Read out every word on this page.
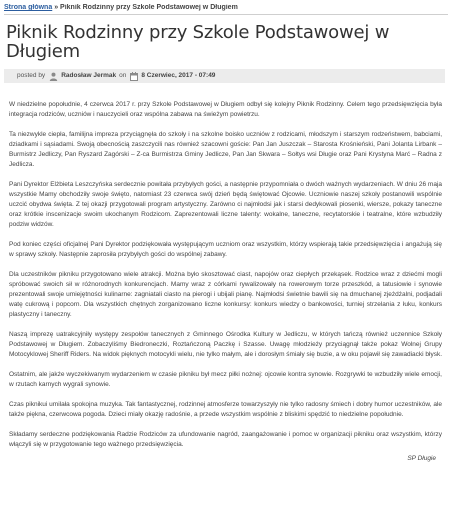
Strona główna » Piknik Rodzinny przy Szkole Podstawowej w Długiem
Piknik Rodzinny przy Szkole Podstawowej w Długiem
posted by Radosław Jermak on 8 Czerwiec, 2017 - 07:49

W niedzielne popołudnie, 4 czerwca 2017 r. przy Szkole Podstawowej w Długiem odbył się kolejny Piknik Rodzinny. Celem tego przedsięwzięcia była integracja rodziców, uczniów i nauczycieli oraz wspólna zabawa na świeżym powietrzu.

Ta niezwykle ciepła, familijna impreza przyciągnęła do szkoły i na szkolne boisko uczniów z rodzicami, młodszym i starszym rodzeństwem, babciami, dziadkami i sąsiadami. Swoją obecnością zaszczycili nas również szacowni goście: Pan Jan Juszczak – Starosta Krośnieński, Pani Jolanta Lirbank – Burmistrz Jedliczy, Pan Ryszard Zagórski – Z-ca Burmistrza Gminy Jedlicze, Pan Jan Skwara – Sołtys wsi Długie oraz Pani Krystyna Marć – Radna z Jedlicza.

Pani Dyrektor Elżbieta Leszczyńska serdecznie powitała przybyłych gości, a następnie przypomniała o dwóch ważnych wydarzeniach. W dniu 26 maja wszystkie Mamy obchodziły swoje święto, natomiast 23 czerwca swój dzień będą świętować Ojcowie. Uczniowie naszej szkoły postanowili wspólnie uczcić obydwa święta. Z tej okazji przygotowali program artystyczny. Zarówno ci najmłodsi jak i starsi dedykowali piosenki, wiersze, pokazy taneczne oraz krótkie inscenizacje swoim ukochanym Rodzicom. Zaprezentowali liczne talenty: wokalne, taneczne, recytatorskie i teatralne, które wzbudziły podziw widzów.

Pod koniec części oficjalnej Pani Dyrektor podziękowała występującym uczniom oraz wszystkim, którzy wspierają takie przedsięwzięcia i angażują się w sprawy szkoły. Następnie zaprosiła przybyłych gości do wspólnej zabawy.

Dla uczestników pikniku przygotowano wiele atrakcji. Można było skosztować ciast, napojów oraz ciepłych przekąsek. Rodzice wraz z dziećmi mogli spróbować swoich sił w różnorodnych konkurencjach. Mamy wraz z córkami rywalizowały na rowerowym torze przeszkód, a tatusiowie i synowie prezentowali swoje umiejętności kulinarne: zagniatali ciasto na pierogi i ubijali pianę. Najmłodsi świetnie bawili się na dmuchanej zjeżdżalni, podjadali watę cukrową i popcorn. Dla wszystkich chętnych zorganizowano liczne konkursy: konkurs wiedzy o bankowości, turniej strzelania z łuku, konkurs plastyczny i taneczny.

Naszą imprezę uatrakcyjniły występy zespołów tanecznych z Gminnego Ośrodka Kultury w Jedliczu, w których tańczą również uczennice Szkoły Podstawowej w Długiem. Zobaczyliśmy Biedroneczki, Roztańczoną Paczkę i Szasse. Uwagę młodzieży przyciągnął także pokaz Wolnej Grupy Motocyklowej Sheriff Riders. Na widok pięknych motocykli wielu, nie tylko małym, ale i dorosłym śmiały się buzie, a w oku pojawił się zawadiacki błysk.

Ostatnim, ale jakże wyczekiwanym wydarzeniem w czasie pikniku był mecz piłki nożnej: ojcowie kontra synowie. Rozgrywki te wzbudziły wiele emocji, w rzutach karnych wygrali synowie.

Czas piknikui umilała spokojna muzyka. Tak fantastycznej, rodzinnej atmosferze towarzyszyły nie tylko radosny śmiech i dobry humor uczestników, ale także piękna, czerwcowa pogoda. Dzieci miały okazję radośnie, a przede wszystkim wspólnie z bliskimi spędzić to niedzielne popołudnie.

Składamy serdeczne podziękowania Radzie Rodziców za ufundowanie nagród, zaangażowanie i pomoc w organizacji pikniku oraz wszystkim, którzy włączyli się w przygotowanie tego ważnego przedsięwzięcia.

SP Długie
